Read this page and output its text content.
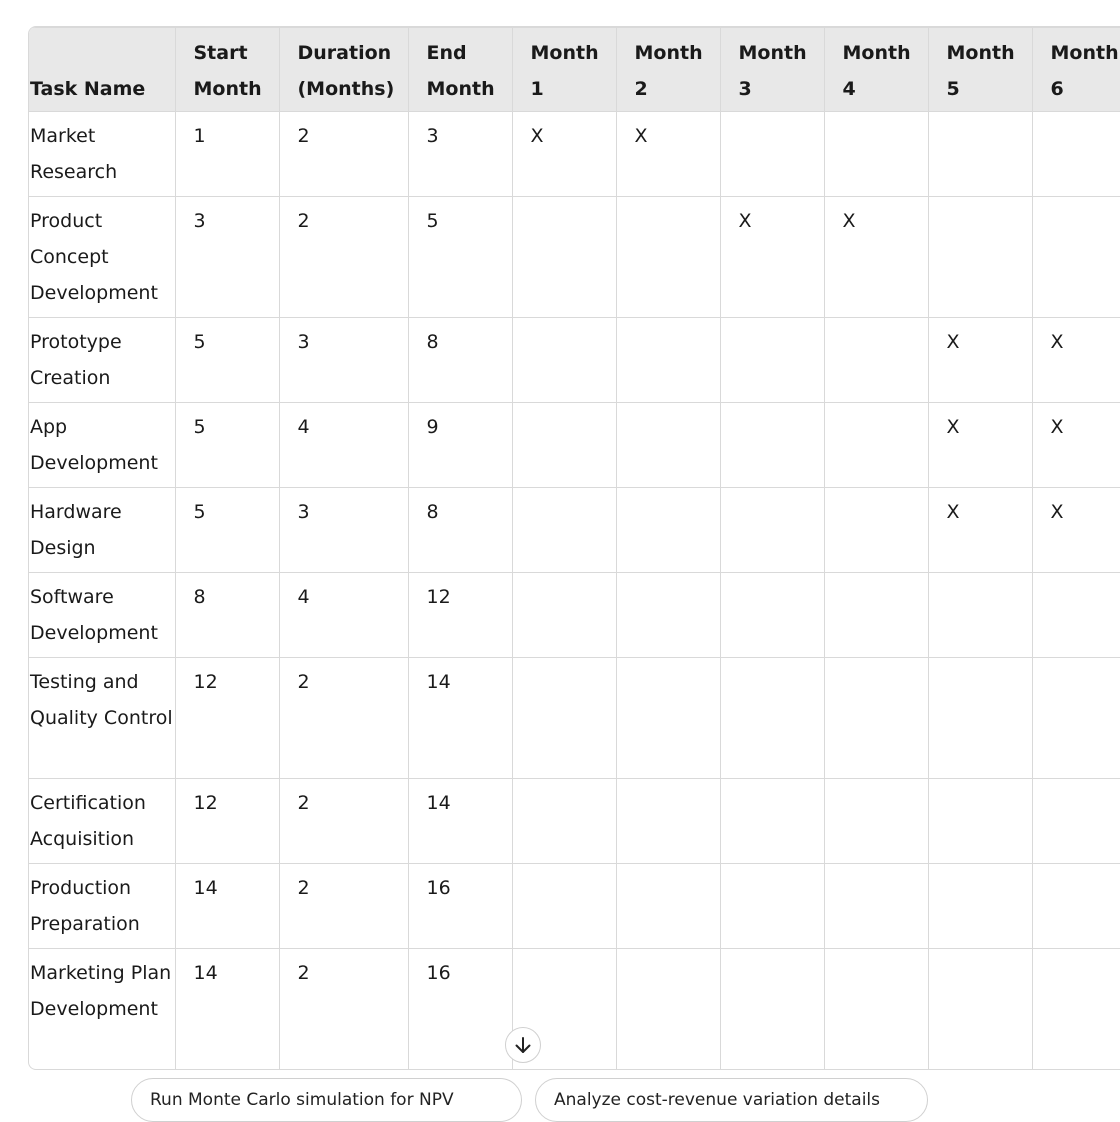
Task Name	Start Month	Duration (Months)	End Month	Month 1	Month 2	Month 3	Month 4	Month 5	Month 6
Market Research	1	2	3	X	X				
Product Concept Development	3	2	5			X	X		
Prototype Creation	5	3	8					X	X
App Development	5	4	9					X	X
Hardware Design	5	3	8					X	X
Software Development	8	4	12						
Testing and Quality Control	12	2	14						
Certification Acquisition	12	2	14						
Production Preparation	14	2	16						
Marketing Plan Development	14	2	16						
Run Monte Carlo simulation for NPV	Analyze cost-revenue variation details
